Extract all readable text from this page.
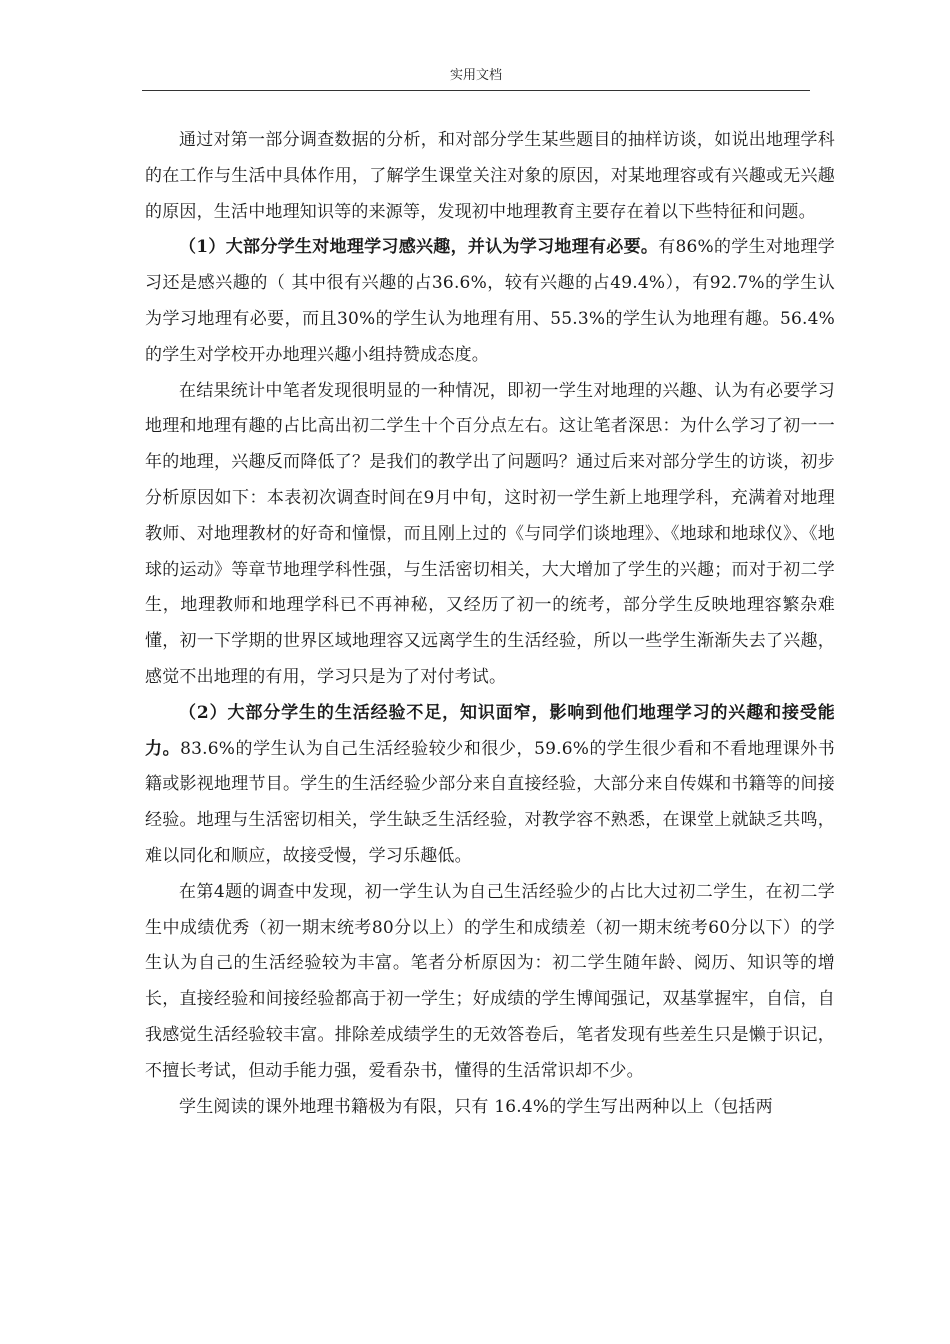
实用文档

通过对第一部分调查数据的分析，和对部分学生某些题目的抽样访谈，如说出地理学科的在工作与生活中具体作用，了解学生课堂关注对象的原因，对某地理容或有兴趣或无兴趣的原因，生活中地理知识等的来源等，发现初中地理教育主要存在着以下些特征和问题。

（1）大部分学生对地理学习感兴趣，并认为学习地理有必要。有86%的学生对地理学习还是感兴趣的（ 其中很有兴趣的占36.6%，较有兴趣的占49.4%），有92.7%的学生认为学习地理有必要，而且30%的学生认为地理有用、55.3%的学生认为地理有趣。56.4%的学生对学校开办地理兴趣小组持赞成态度。

在结果统计中笔者发现很明显的一种情况，即初一学生对地理的兴趣、认为有必要学习地理和地理有趣的占比高出初二学生十个百分点左右。这让笔者深思：为什么学习了初一一年的地理，兴趣反而降低了？是我们的教学出了问题吗？通过后来对部分学生的访谈，初步分析原因如下：本表初次调查时间在9月中旬，这时初一学生新上地理学科，充满着对地理教师、对地理教材的好奇和憧憬，而且刚上过的《与同学们谈地理》、《地球和地球仪》、《地球的运动》等章节地理学科性强，与生活密切相关，大大增加了学生的兴趣；而对于初二学生，地理教师和地理学科已不再神秘，又经历了初一的统考，部分学生反映地理容繁杂难懂，初一下学期的世界区域地理容又远离学生的生活经验，所以一些学生渐渐失去了兴趣，感觉不出地理的有用，学习只是为了对付考试。

（2）大部分学生的生活经验不足，知识面窄，影响到他们地理学习的兴趣和接受能力。83.6%的学生认为自己生活经验较少和很少，59.6%的学生很少看和不看地理课外书籍或影视地理节目。学生的生活经验少部分来自直接经验，大部分来自传媒和书籍等的间接经验。地理与生活密切相关，学生缺乏生活经验，对教学容不熟悉，在课堂上就缺乏共鸣，难以同化和顺应，故接受慢，学习乐趣低。

在第4题的调查中发现，初一学生认为自己生活经验少的占比大过初二学生，在初二学生中成绩优秀（初一期末统考80分以上）的学生和成绩差（初一期末统考60分以下）的学生认为自己的生活经验较为丰富。笔者分析原因为：初二学生随年龄、阅历、知识等的增长，直接经验和间接经验都高于初一学生；好成绩的学生博闻强记，双基掌握牢，自信，自我感觉生活经验较丰富。排除差成绩学生的无效答卷后，笔者发现有些差生只是懒于识记，不擅长考试，但动手能力强，爱看杂书，懂得的生活常识却不少。

学生阅读的课外地理书籍极为有限，只有 16.4%的学生写出两种以上（包括两
